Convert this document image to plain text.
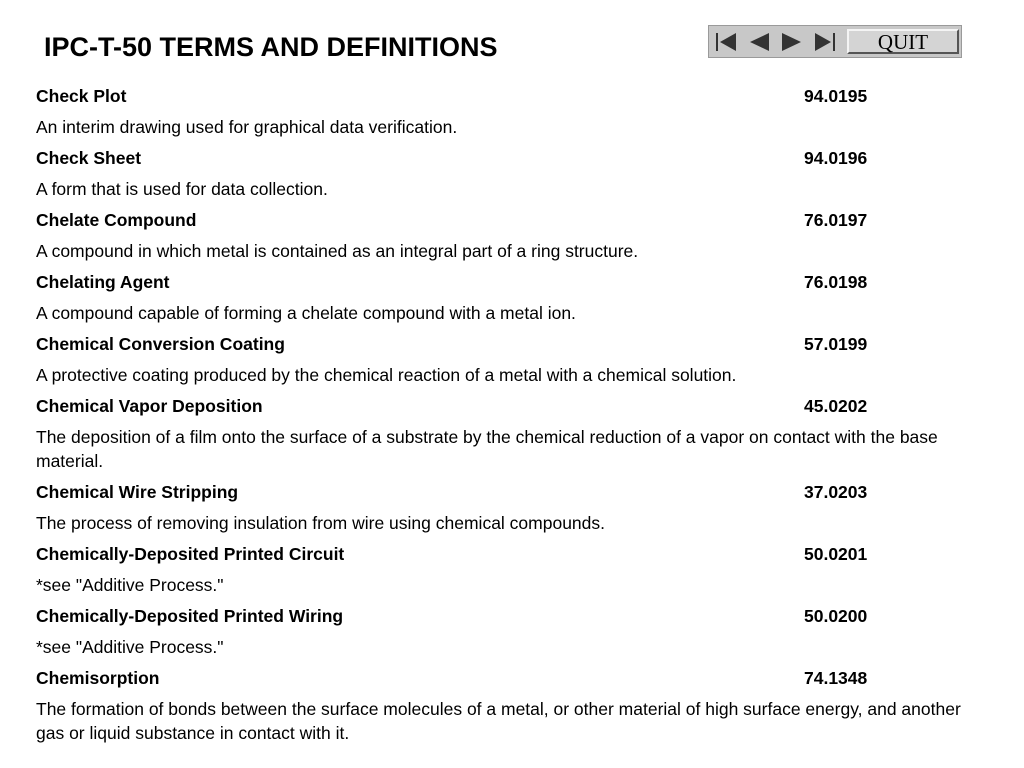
IPC-T-50 TERMS AND DEFINITIONS	QUIT
Check Plot	94.0195
An interim drawing used for graphical data verification.
Check Sheet	94.0196
A form that is used for data collection.
Chelate Compound	76.0197
A compound in which metal is contained as an integral part of a ring structure.
Chelating Agent	76.0198
A compound capable of forming a chelate compound with a metal ion.
Chemical Conversion Coating	57.0199
A protective coating produced by the chemical reaction of a metal with a chemical solution.
Chemical Vapor Deposition	45.0202
The deposition of a film onto the surface of a substrate by the chemical reduction of a vapor on contact with the base material.
Chemical Wire Stripping	37.0203
The process of removing insulation from wire using chemical compounds.
Chemically-Deposited Printed Circuit	50.0201
*see "Additive Process."
Chemically-Deposited Printed Wiring	50.0200
*see "Additive Process."
Chemisorption	74.1348
The formation of bonds between the surface molecules of a metal, or other material of high surface energy, and another gas or liquid substance in contact with it.
